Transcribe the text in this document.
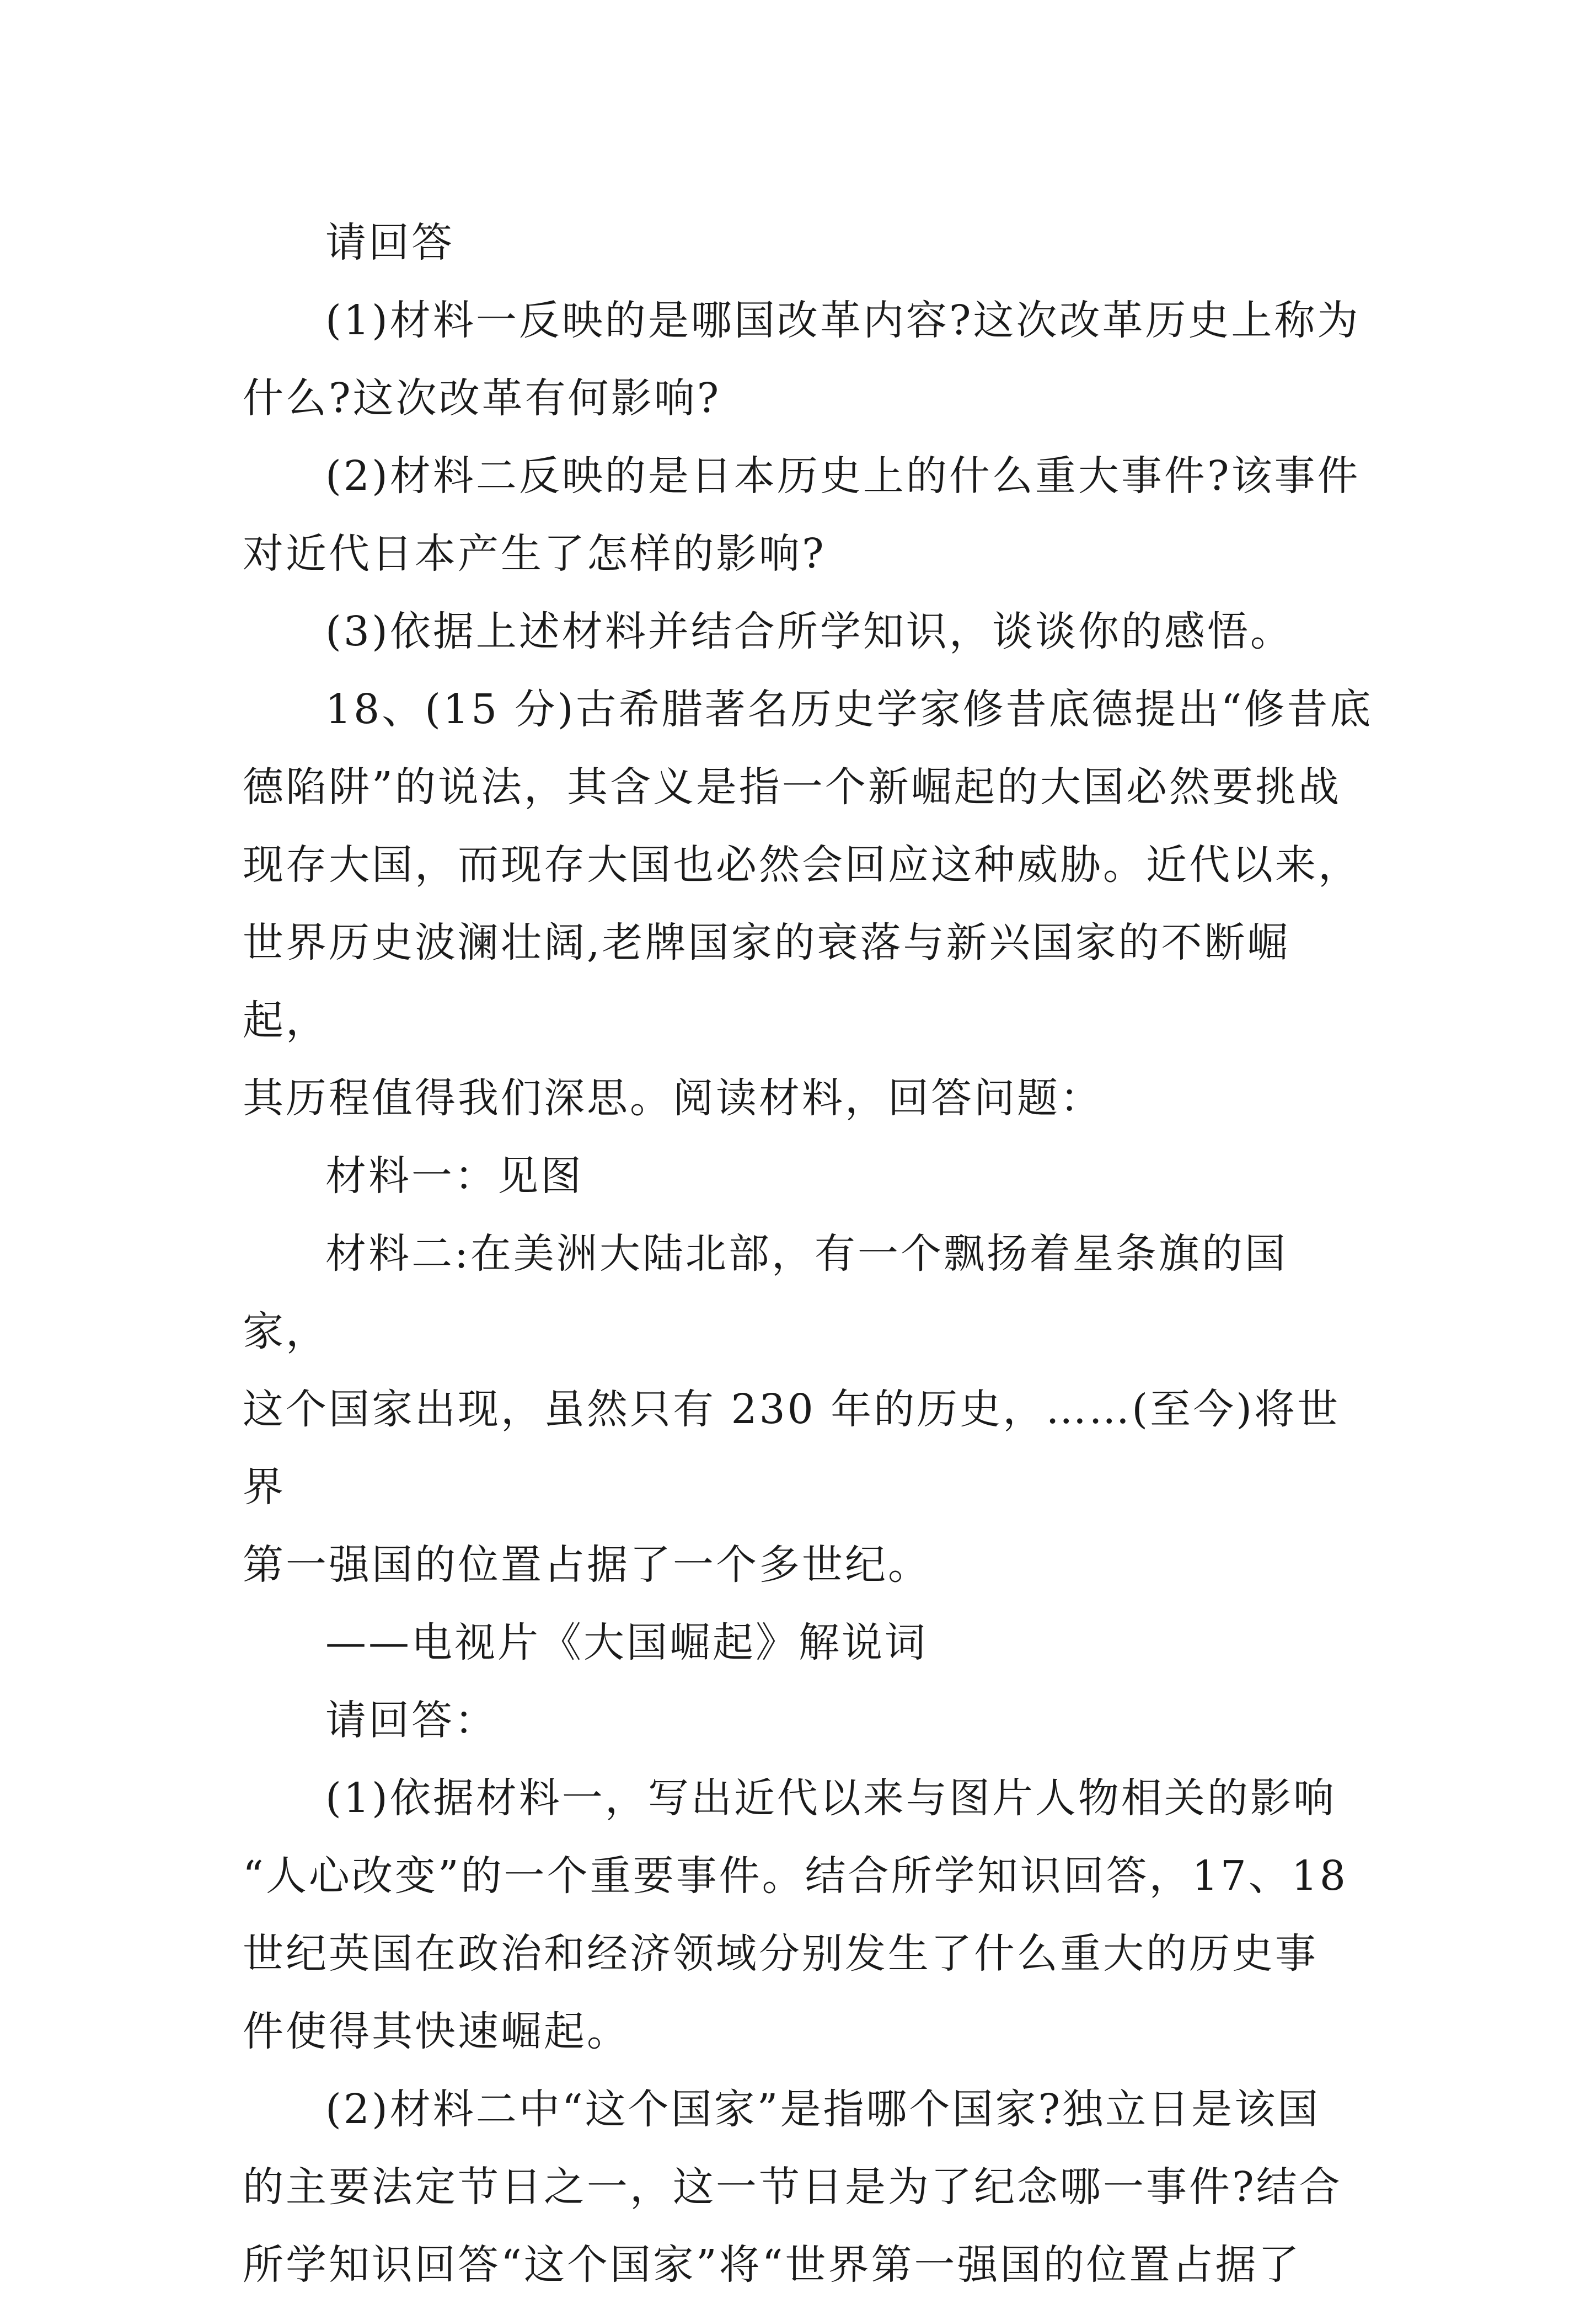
请回答

(1)材料一反映的是哪国改革内容?这次改革历史上称为

什么?这次改革有何影响?

(2)材料二反映的是日本历史上的什么重大事件?该事件

对近代日本产生了怎样的影响?

(3)依据上述材料并结合所学知识，谈谈你的感悟。

18、(15 分)古希腊著名历史学家修昔底德提出“修昔底

德陷阱”的说法，其含义是指一个新崛起的大国必然要挑战

现存大国，而现存大国也必然会回应这种威胁。近代以来，

世界历史波澜壮阔,老牌国家的衰落与新兴国家的不断崛起，

其历程值得我们深思。阅读材料，回答问题：

材料一：见图

材料二:在美洲大陆北部，有一个飘扬着星条旗的国家，

这个国家出现，虽然只有 230 年的历史，……(至今)将世界

第一强国的位置占据了一个多世纪。

——电视片《大国崛起》解说词

请回答：

(1)依据材料一，写出近代以来与图片人物相关的影响

“人心改变”的一个重要事件。结合所学知识回答，17、18

世纪英国在政治和经济领域分别发生了什么重大的历史事

件使得其快速崛起。

(2)材料二中“这个国家”是指哪个国家?独立日是该国

的主要法定节日之一，这一节日是为了纪念哪一事件?结合

所学知识回答“这个国家”将“世界第一强国的位置占据了
